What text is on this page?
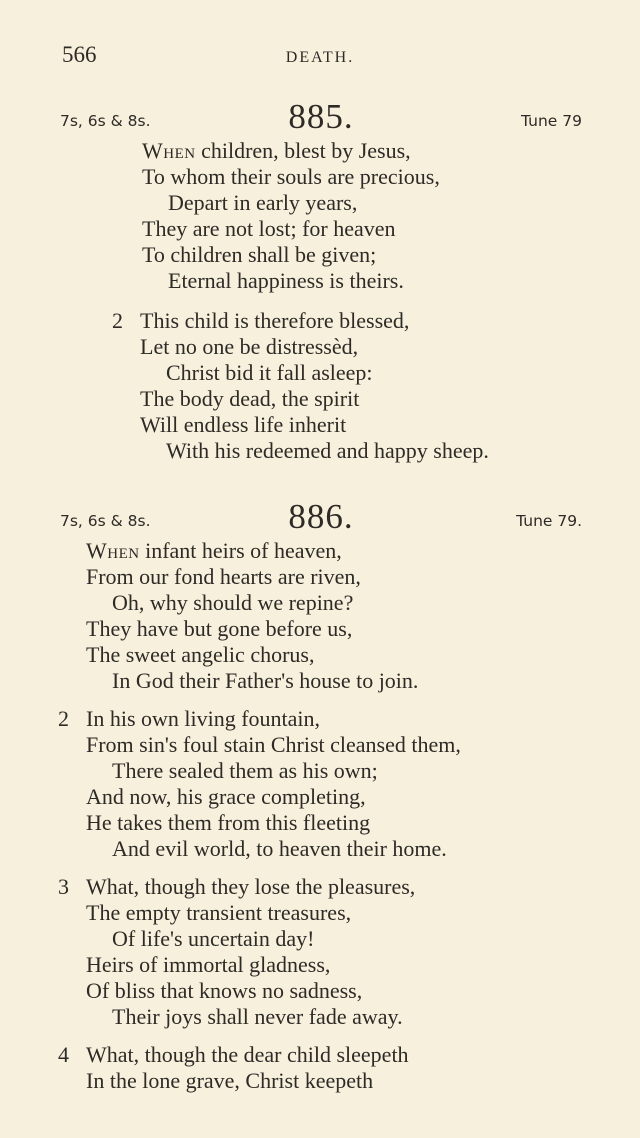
566	DEATH.
7s, 6s & 8s.	885.	Tune 79
When children, blest by Jesus,
To whom their souls are precious,
Depart in early years,
They are not lost; for heaven
To children shall be given;
Eternal happiness is theirs.
2 This child is therefore blessed,
Let no one be distressèd,
Christ bid it fall asleep:
The body dead, the spirit
Will endless life inherit
With his redeemed and happy sheep.
7s, 6s & 8s.	886.	Tune 79.
When infant heirs of heaven,
From our fond hearts are riven,
Oh, why should we repine?
They have but gone before us,
The sweet angelic chorus,
In God their Father's house to join.
2 In his own living fountain,
From sin's foul stain Christ cleansed them,
There sealed them as his own;
And now, his grace completing,
He takes them from this fleeting
And evil world, to heaven their home.
3 What, though they lose the pleasures,
The empty transient treasures,
Of life's uncertain day!
Heirs of immortal gladness,
Of bliss that knows no sadness,
Their joys shall never fade away.
4 What, though the dear child sleepeth
In the lone grave, Christ keepeth
